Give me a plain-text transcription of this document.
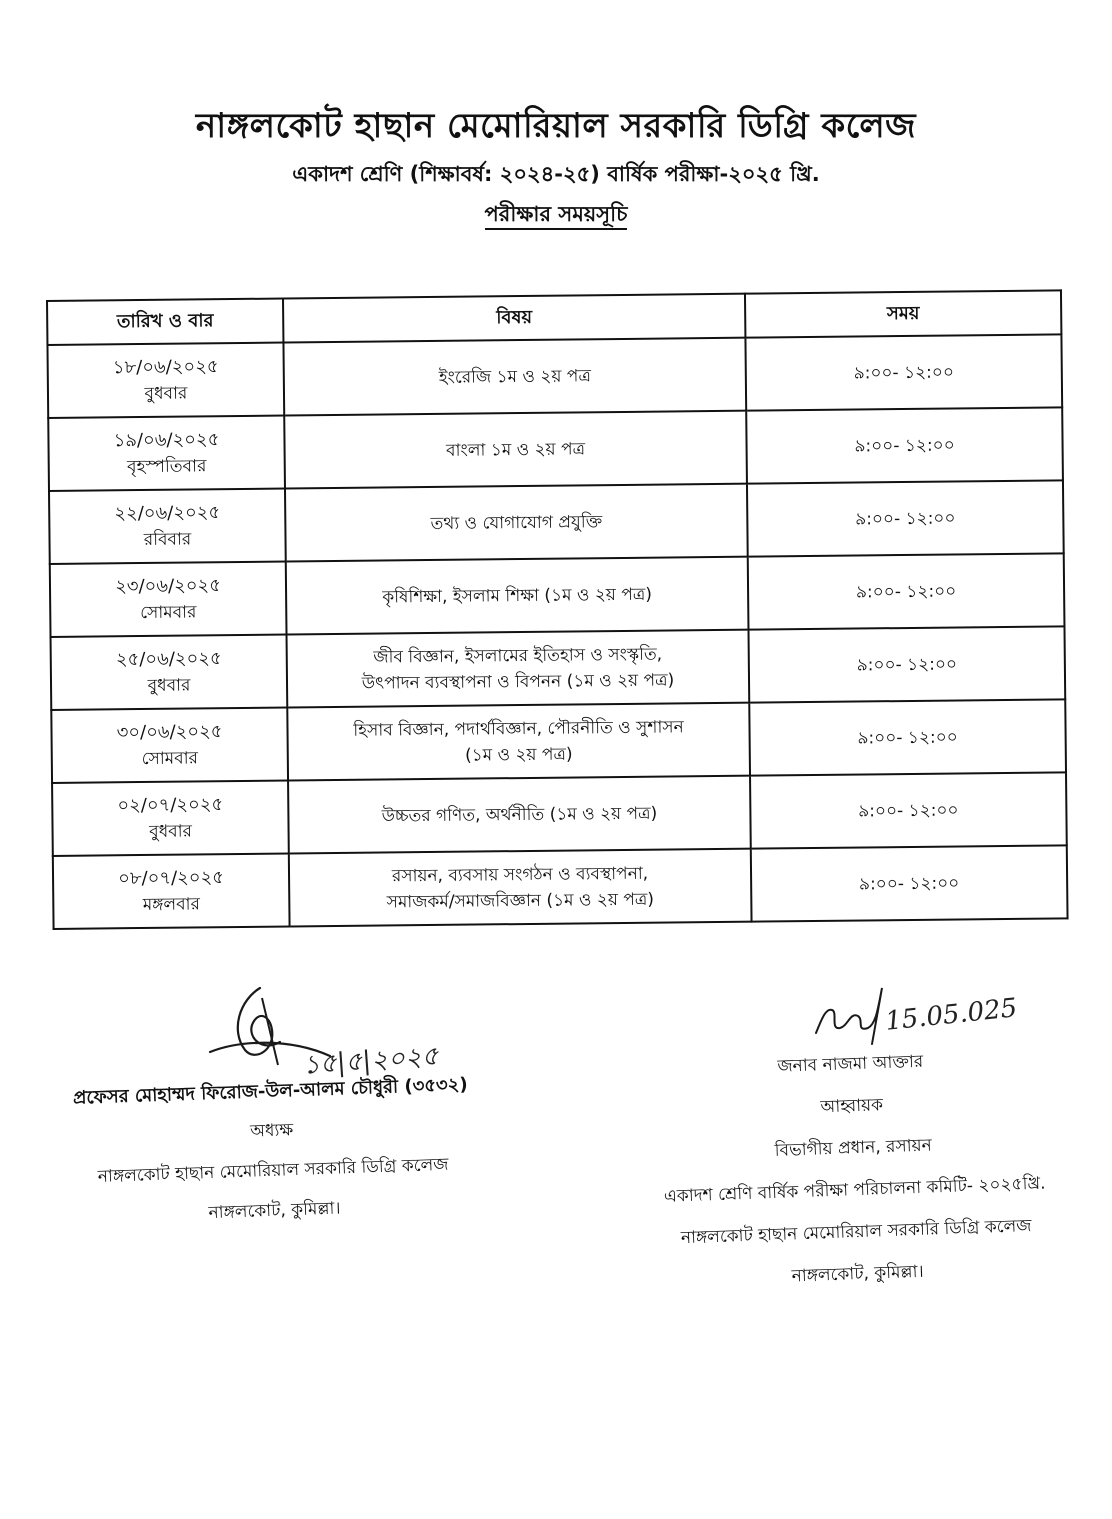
নাঙ্গলকোট হাছান মেমোরিয়াল সরকারি ডিগ্রি কলেজ
একাদশ শ্রেণি (শিক্ষাবর্ষ: ২০২৪-২৫) বার্ষিক পরীক্ষা-২০২৫ খ্রি.
পরীক্ষার সময়সূচি
তারিখ ও বার	বিষয়	সময়

১৮/০৬/২০২৫
বুধবার	ইংরেজি ১ম ও ২য় পত্র	৯:০০- ১২:০০

১৯/০৬/২০২৫
বৃহস্পতিবার	বাংলা ১ম ও ২য় পত্র	৯:০০- ১২:০০

২২/০৬/২০২৫
রবিবার	তথ্য ও যোগাযোগ প্রযুক্তি	৯:০০- ১২:০০

২৩/০৬/২০২৫
সোমবার	কৃষিশিক্ষা, ইসলাম শিক্ষা (১ম ও ২য় পত্র)	৯:০০- ১২:০০

২৫/০৬/২০২৫
বুধবার	জীব বিজ্ঞান, ইসলামের ইতিহাস ও সংস্কৃতি,
উৎপাদন ব্যবস্থাপনা ও বিপনন (১ম ও ২য় পত্র)	৯:০০- ১২:০০

৩০/০৬/২০২৫
সোমবার	হিসাব বিজ্ঞান, পদার্থবিজ্ঞান, পৌরনীতি ও সুশাসন
(১ম ও ২য় পত্র)	৯:০০- ১২:০০

০২/০৭/২০২৫
বুধবার	উচ্চতর গণিত, অর্থনীতি (১ম ও ২য় পত্র)	৯:০০- ১২:০০

০৮/০৭/২০২৫
মঙ্গলবার	রসায়ন, ব্যবসায় সংগঠন ও ব্যবস্থাপনা,
সমাজকর্ম/সমাজবিজ্ঞান (১ম ও ২য় পত্র)	৯:০০- ১২:০০
১৫|৫|২০২৫
প্রফেসর মোহাম্মদ ফিরোজ-উল-আলম চৌধুরী (৩৫৩২)
অধ্যক্ষ
নাঙ্গলকোট হাছান মেমোরিয়াল সরকারি ডিগ্রি কলেজ
নাঙ্গলকোট, কুমিল্লা।
15.05.025
জনাব নাজমা আক্তার
আহ্বায়ক
বিভাগীয় প্রধান, রসায়ন
একাদশ শ্রেণি বার্ষিক পরীক্ষা পরিচালনা কমিটি- ২০২৫খ্রি.
নাঙ্গলকোট হাছান মেমোরিয়াল সরকারি ডিগ্রি কলেজ
নাঙ্গলকোট, কুমিল্লা।
